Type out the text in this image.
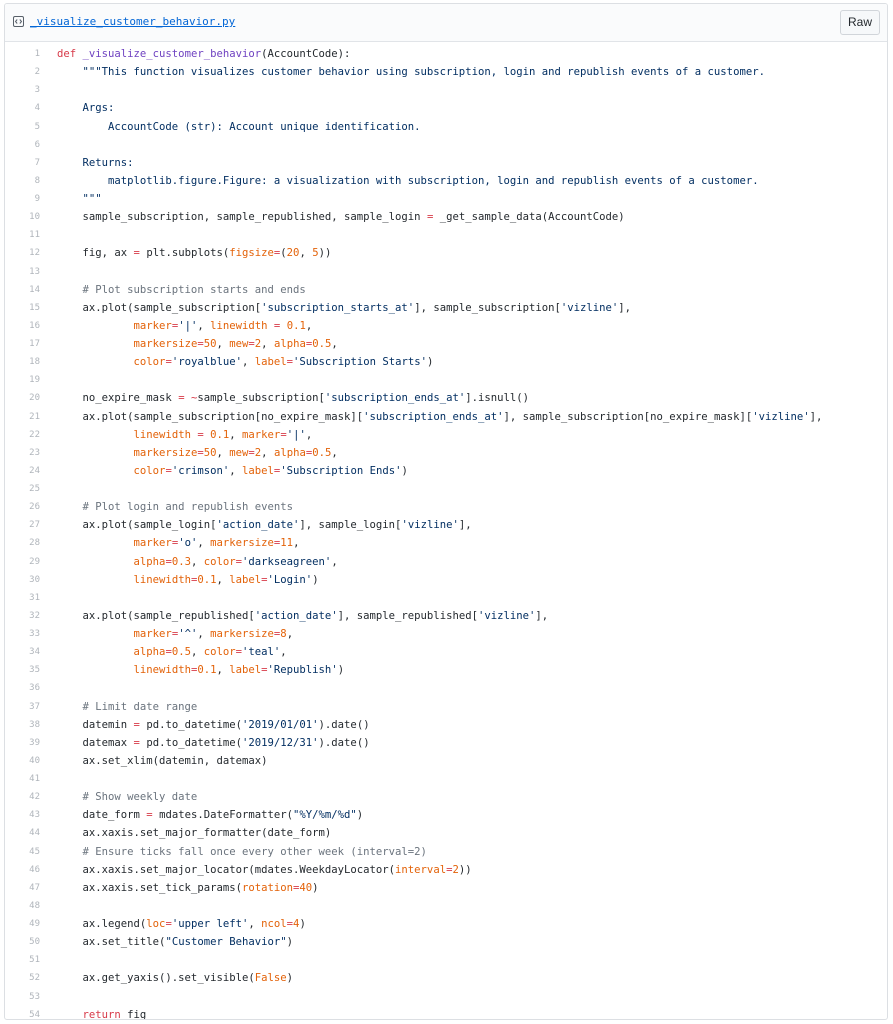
_visualize_customer_behavior.py	Raw
1	def _visualize_customer_behavior(AccountCode):
2	"""This function visualizes customer behavior using subscription, login and republish events of a customer.
3
4	Args:
5	AccountCode (str): Account unique identification.
6
7	Returns:
8	matplotlib.figure.Figure: a visualization with subscription, login and republish events of a customer.
9	"""
10	sample_subscription, sample_republished, sample_login = _get_sample_data(AccountCode)
11
12	fig, ax = plt.subplots(figsize=(20, 5))
13
14	# Plot subscription starts and ends
15	ax.plot(sample_subscription['subscription_starts_at'], sample_subscription['vizline'],
16	marker='|', linewidth = 0.1,
17	markersize=50, mew=2, alpha=0.5,
18	color='royalblue', label='Subscription Starts')
19
20	no_expire_mask = ~sample_subscription['subscription_ends_at'].isnull()
21	ax.plot(sample_subscription[no_expire_mask]['subscription_ends_at'], sample_subscription[no_expire_mask]['vizline'],
22	linewidth = 0.1, marker='|',
23	markersize=50, mew=2, alpha=0.5,
24	color='crimson', label='Subscription Ends')
25
26	# Plot login and republish events
27	ax.plot(sample_login['action_date'], sample_login['vizline'],
28	marker='o', markersize=11,
29	alpha=0.3, color='darkseagreen',
30	linewidth=0.1, label='Login')
31
32	ax.plot(sample_republished['action_date'], sample_republished['vizline'],
33	marker='^', markersize=8,
34	alpha=0.5, color='teal',
35	linewidth=0.1, label='Republish')
36
37	# Limit date range
38	datemin = pd.to_datetime('2019/01/01').date()
39	datemax = pd.to_datetime('2019/12/31').date()
40	ax.set_xlim(datemin, datemax)
41
42	# Show weekly date
43	date_form = mdates.DateFormatter("%Y/%m/%d")
44	ax.xaxis.set_major_formatter(date_form)
45	# Ensure ticks fall once every other week (interval=2)
46	ax.xaxis.set_major_locator(mdates.WeekdayLocator(interval=2))
47	ax.xaxis.set_tick_params(rotation=40)
48
49	ax.legend(loc='upper left', ncol=4)
50	ax.set_title("Customer Behavior")
51
52	ax.get_yaxis().set_visible(False)
53
54	return fig
